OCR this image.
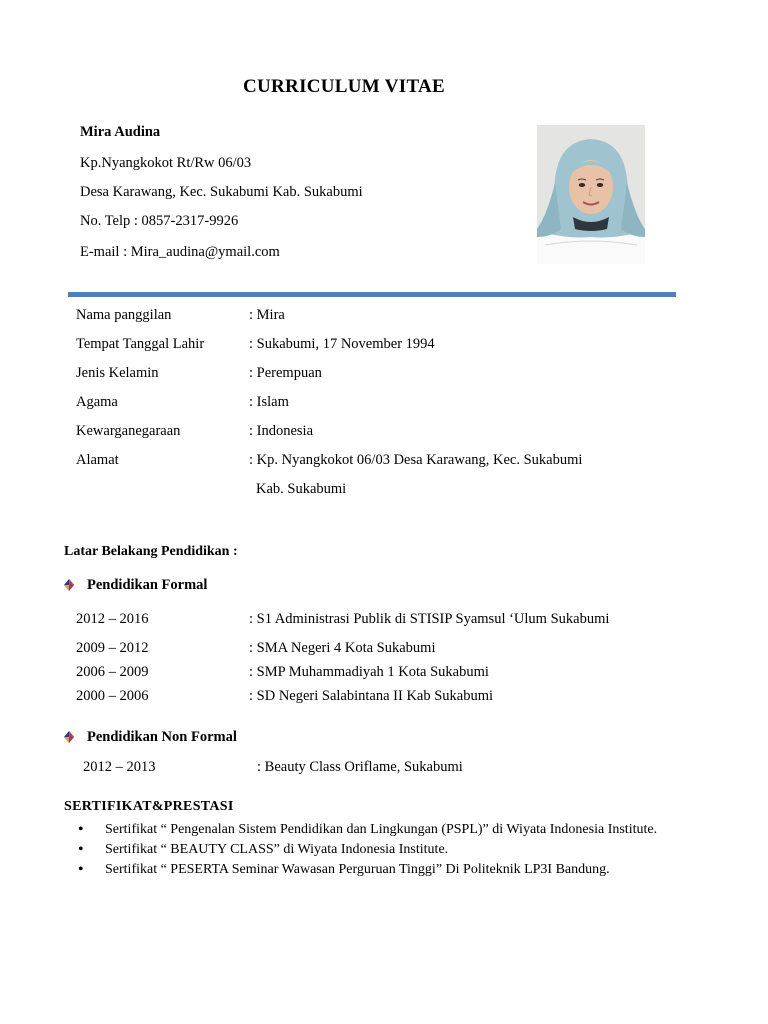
CURRICULUM VITAE
Mira Audina
Kp.Nyangkokot Rt/Rw 06/03
Desa Karawang, Kec. Sukabumi Kab. Sukabumi
No. Telp : 0857-2317-9926
E-mail : Mira_audina@ymail.com
Nama panggilan	: Mira
Tempat Tanggal Lahir	: Sukabumi, 17 November 1994
Jenis Kelamin	: Perempuan
Agama	: Islam
Kewarganegaraan	: Indonesia
Alamat	: Kp. Nyangkokot 06/03 Desa Karawang, Kec. Sukabumi
Kab. Sukabumi
Latar Belakang Pendidikan :
Pendidikan Formal
2012 – 2016	: S1 Administrasi Publik di STISIP Syamsul ‘Ulum Sukabumi
2009 – 2012	: SMA Negeri 4 Kota Sukabumi
2006 – 2009	: SMP Muhammadiyah 1 Kota Sukabumi
2000 – 2006	: SD Negeri Salabintana II Kab Sukabumi
Pendidikan Non Formal
2012 – 2013	: Beauty Class Oriflame, Sukabumi
SERTIFIKAT&PRESTASI
• Sertifikat “ Pengenalan Sistem Pendidikan dan Lingkungan (PSPL)” di Wiyata Indonesia Institute.
• Sertifikat “ BEAUTY CLASS” di Wiyata Indonesia Institute.
• Sertifikat “ PESERTA Seminar Wawasan Perguruan Tinggi” Di Politeknik LP3I Bandung.
